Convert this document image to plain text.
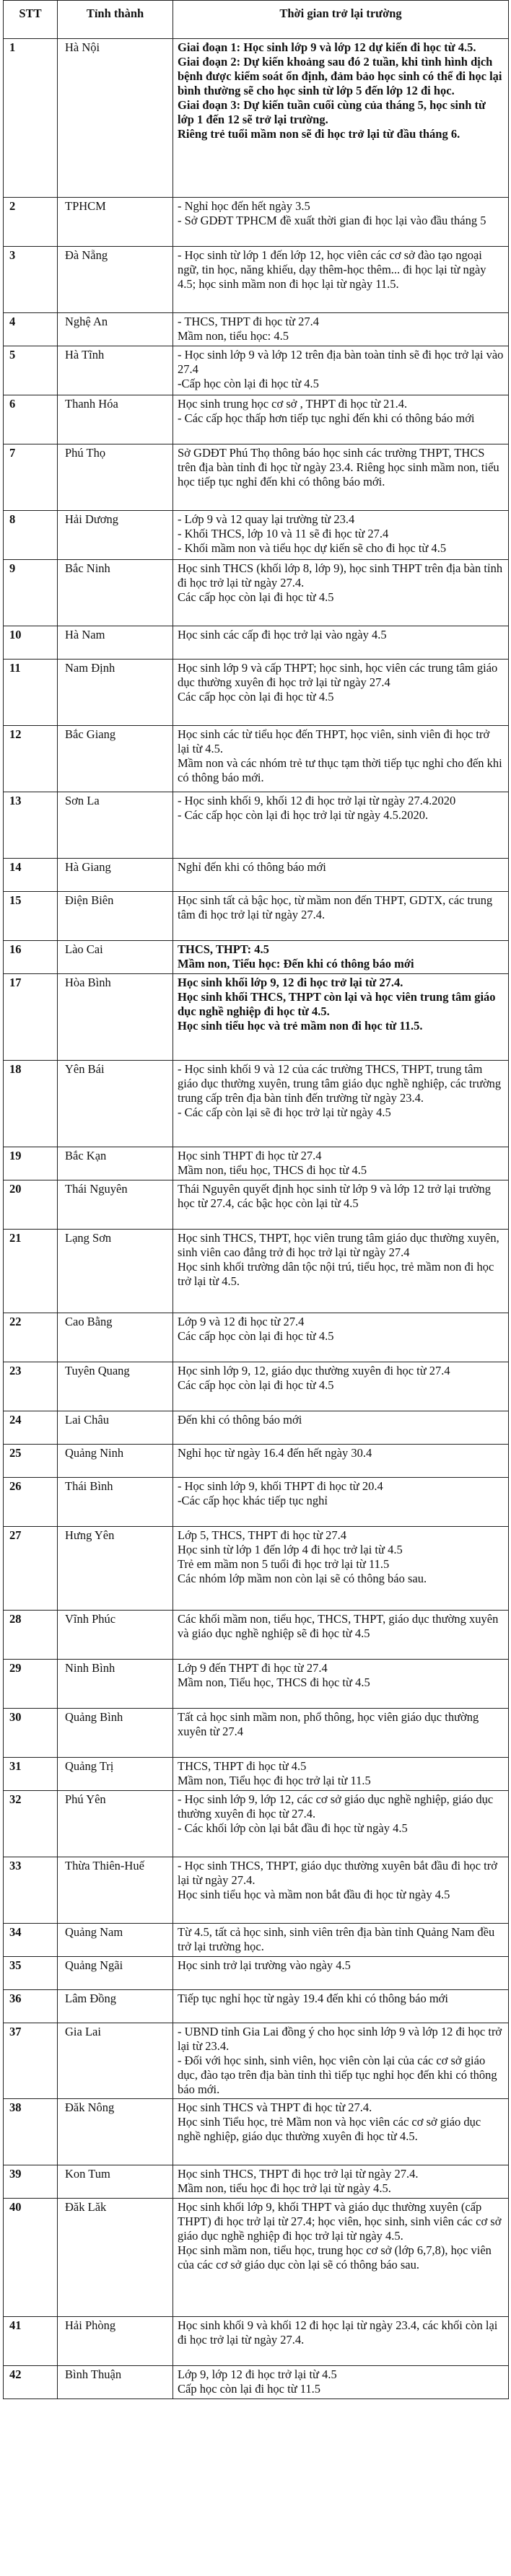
STT	Tỉnh thành	Thời gian trở lại trường
1	Hà Nội	Giai đoạn 1: Học sinh lớp 9 và lớp 12 dự kiến đi học từ 4.5.
Giai đoạn 2: Dự kiến khoảng sau đó 2 tuần, khi tình hình dịch bệnh được kiểm soát ổn định, đảm bảo học sinh có thể đi học lại bình thường sẽ cho học sinh từ lớp 5 đến lớp 12 đi học.
Giai đoạn 3: Dự kiến tuần cuối cùng của tháng 5, học sinh từ lớp 1 đến 12 sẽ trở lại trường.
Riêng trẻ tuổi mầm non sẽ đi học trở lại từ đầu tháng 6.

2	TPHCM	- Nghỉ học đến hết ngày 3.5
- Sở GDĐT TPHCM đề xuất thời gian đi học lại vào đầu tháng 5

3	Đà Nẵng	- Học sinh từ lớp 1 đến lớp 12, học viên các cơ sở đào tạo ngoại ngữ, tin học, năng khiếu, dạy thêm-học thêm... đi học lại từ ngày 4.5; học sinh mầm non đi học lại từ ngày 11.5.

4	Nghệ An	- THCS, THPT đi học từ 27.4
Mầm non, tiểu học: 4.5

5	Hà Tĩnh	- Học sinh lớp 9 và lớp 12 trên địa bàn toàn tỉnh sẽ đi học trở lại vào 27.4
-Cấp học còn lại đi học từ 4.5

6	Thanh Hóa	Học sinh trung học cơ sở , THPT đi học từ 21.4.
- Các cấp học thấp hơn tiếp tục nghỉ đến khi có thông báo mới

7	Phú Thọ	Sở GDĐT Phú Thọ thông báo học sinh các trường THPT, THCS trên địa bàn tỉnh đi học từ ngày 23.4. Riêng học sinh mầm non, tiểu học tiếp tục nghỉ đến khi có thông báo mới.

8	Hải Dương	- Lớp 9 và 12 quay lại trường từ 23.4
- Khối THCS, lớp 10 và 11 sẽ đi học từ 27.4
- Khối mầm non và tiểu học dự kiến sẽ cho đi học từ 4.5

9	Bắc Ninh	Học sinh THCS (khối lớp 8, lớp 9), học sinh THPT trên địa bàn tỉnh đi học trở lại từ ngày 27.4.
Các cấp học còn lại đi học từ 4.5

10	Hà Nam	Học sinh các cấp đi học trở lại vào ngày 4.5

11	Nam Định	Học sinh lớp 9 và cấp THPT; học sinh, học viên các trung tâm giáo dục thường xuyên đi học trở lại từ ngày 27.4
Các cấp học còn lại đi học từ 4.5

12	Bắc Giang	Học sinh các từ tiểu học đến THPT, học viên, sinh viên đi học trở lại từ 4.5.
Mầm non và các nhóm trẻ tư thục tạm thời tiếp tục nghỉ cho đến khi có thông báo mới.

13	Sơn La	- Học sinh khối 9, khối 12 đi học trở lại từ ngày 27.4.2020
- Các cấp học còn lại đi học trở lại từ ngày 4.5.2020.

14	Hà Giang	Nghỉ đến khi có thông báo mới

15	Điện Biên	Học sinh tất cả bậc học, từ mầm non đến THPT, GDTX, các trung tâm đi học trở lại từ ngày 27.4.

16	Lào Cai	THCS, THPT: 4.5
Mầm non, Tiểu học: Đến khi có thông báo mới

17	Hòa Bình	Học sinh khối lớp 9, 12 đi học trở lại từ 27.4.
Học sinh khối THCS, THPT còn lại và học viên trung tâm giáo dục nghề nghiệp đi học từ 4.5.
Học sinh tiểu học và trẻ mầm non đi học từ 11.5.

18	Yên Bái	- Học sinh khối 9 và 12 của các trường THCS, THPT, trung tâm giáo dục thường xuyên, trung tâm giáo dục nghề nghiệp, các trường trung cấp trên địa bàn tỉnh đến trường từ ngày 23.4.
- Các cấp còn lại sẽ đi học trở lại từ ngày 4.5

19	Bắc Kạn	Học sinh THPT đi học từ 27.4
Mầm non, tiểu học, THCS đi học từ 4.5

20	Thái Nguyên	Thái Nguyên quyết định học sinh từ lớp 9 và lớp 12 trở lại trường học từ 27.4, các bậc học còn lại từ 4.5

21	Lạng Sơn	Học sinh THCS, THPT, học viên trung tâm giáo dục thường xuyên, sinh viên cao đẳng trở đi học trở lại từ ngày 27.4
Học sinh khối trường dân tộc nội trú, tiểu học, trẻ mầm non đi học trở lại từ 4.5.

22	Cao Bằng	Lớp 9 và 12 đi học từ 27.4
Các cấp học còn lại đi học từ 4.5

23	Tuyên Quang	Học sinh lớp 9, 12, giáo dục thường xuyên đi học từ 27.4
Các cấp học còn lại đi học từ 4.5

24	Lai Châu	Đến khi có thông báo mới

25	Quảng Ninh	Nghỉ học từ ngày 16.4 đến hết ngày 30.4

26	Thái Bình	- Học sinh lớp 9, khối THPT đi học từ 20.4
-Các cấp học khác tiếp tục nghỉ

27	Hưng Yên	Lớp 5, THCS, THPT đi học từ 27.4
Học sinh từ lớp 1 đến lớp 4 đi học trở lại từ 4.5
Trẻ em mầm non 5 tuổi đi học trở lại từ 11.5
Các nhóm lớp mầm non còn lại sẽ có thông báo sau.

28	Vĩnh Phúc	Các khối mầm non, tiểu học, THCS, THPT, giáo dục thường xuyên và giáo dục nghề nghiệp sẽ đi học từ 4.5

29	Ninh Bình	Lớp 9 đến THPT đi học từ 27.4
Mầm non, Tiểu học, THCS đi học từ 4.5

30	Quảng Bình	Tất cả học sinh mầm non, phổ thông, học viên giáo dục thường xuyên từ 27.4

31	Quảng Trị	THCS, THPT đi học từ 4.5
Mầm non, Tiểu học đi học trở lại từ 11.5

32	Phú Yên	- Học sinh lớp 9, lớp 12, các cơ sở giáo dục nghề nghiệp, giáo dục thường xuyên đi học từ 27.4.
- Các khối lớp còn lại bắt đầu đi học từ ngày 4.5

33	Thừa Thiên-Huế	- Học sinh THCS, THPT, giáo dục thường xuyên bắt đầu đi học trở lại từ ngày 27.4.
Học sinh tiểu học và mầm non bắt đầu đi học từ ngày 4.5

34	Quảng Nam	Từ 4.5, tất cả học sinh, sinh viên trên địa bàn tỉnh Quảng Nam đều trở lại trường học.

35	Quảng Ngãi	Học sinh trở lại trường vào ngày 4.5

36	Lâm Đồng	Tiếp tục nghỉ học từ ngày 19.4 đến khi có thông báo mới

37	Gia Lai	- UBND tỉnh Gia Lai đồng ý cho học sinh lớp 9 và lớp 12 đi học trở lại từ 23.4.
- Đối với học sinh, sinh viên, học viên còn lại của các cơ sở giáo dục, đào tạo trên địa bàn tỉnh thì tiếp tục nghỉ học đến khi có thông báo mới.

38	Đăk Nông	Học sinh THCS và THPT đi học từ 27.4.
Học sinh Tiểu học, trẻ Mầm non và học viên các cơ sở giáo dục nghề nghiệp, giáo dục thường xuyên đi học từ 4.5.

39	Kon Tum	Học sinh THCS, THPT đi học trở lại từ ngày 27.4.
Mầm non, tiểu học đi học trở lại từ ngày 4.5.

40	Đăk Lăk	Học sinh khối lớp 9, khối THPT và giáo dục thường xuyên (cấp THPT) đi học trở lại từ 27.4; học viên, học sinh, sinh viên các cơ sở giáo dục nghề nghiệp đi học trở lại từ ngày 4.5.
Học sinh mầm non, tiểu học, trung học cơ sở (lớp 6,7,8), học viên của các cơ sở giáo dục còn lại sẽ có thông báo sau.

41	Hải Phòng	Học sinh khối 9 và khối 12 đi học lại từ ngày 23.4, các khối còn lại đi học trở lại từ ngày 27.4.

42	Bình Thuận	Lớp 9, lớp 12 đi học trở lại từ 4.5
Cấp học còn lại đi học từ 11.5
